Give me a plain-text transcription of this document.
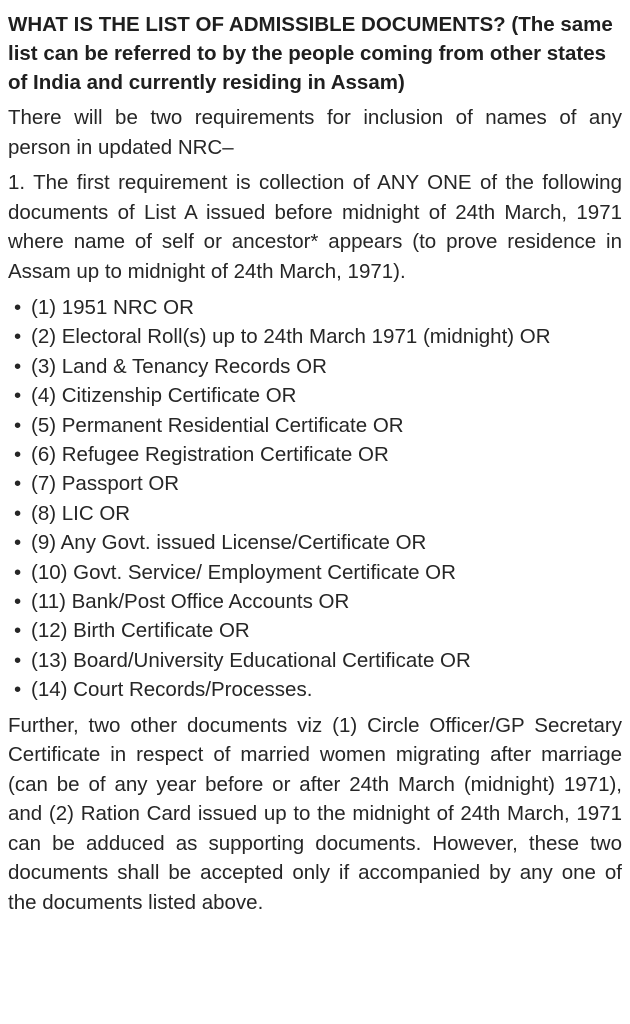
WHAT IS THE LIST OF ADMISSIBLE DOCUMENTS? (The same list can be referred to by the people coming from other states of India and currently residing in Assam)
There will be two requirements for inclusion of names of any person in updated NRC–
1. The first requirement is collection of ANY ONE of the following documents of List A issued before midnight of 24th March, 1971 where name of self or ancestor* appears (to prove residence in Assam up to midnight of 24th March, 1971).
• (1) 1951 NRC OR
• (2) Electoral Roll(s) up to 24th March 1971 (midnight) OR
• (3) Land & Tenancy Records OR
• (4) Citizenship Certificate OR
• (5) Permanent Residential Certificate OR
• (6) Refugee Registration Certificate OR
• (7) Passport OR
• (8) LIC OR
• (9) Any Govt. issued License/Certificate OR
• (10) Govt. Service/ Employment Certificate OR
• (11) Bank/Post Office Accounts OR
• (12) Birth Certificate OR
• (13) Board/University Educational Certificate OR
• (14) Court Records/Processes.
Further, two other documents viz (1) Circle Officer/GP Secretary Certificate in respect of married women migrating after marriage (can be of any year before or after 24th March (midnight) 1971), and (2) Ration Card issued up to the midnight of 24th March, 1971 can be adduced as supporting documents. However, these two documents shall be accepted only if accompanied by any one of the documents listed above.
